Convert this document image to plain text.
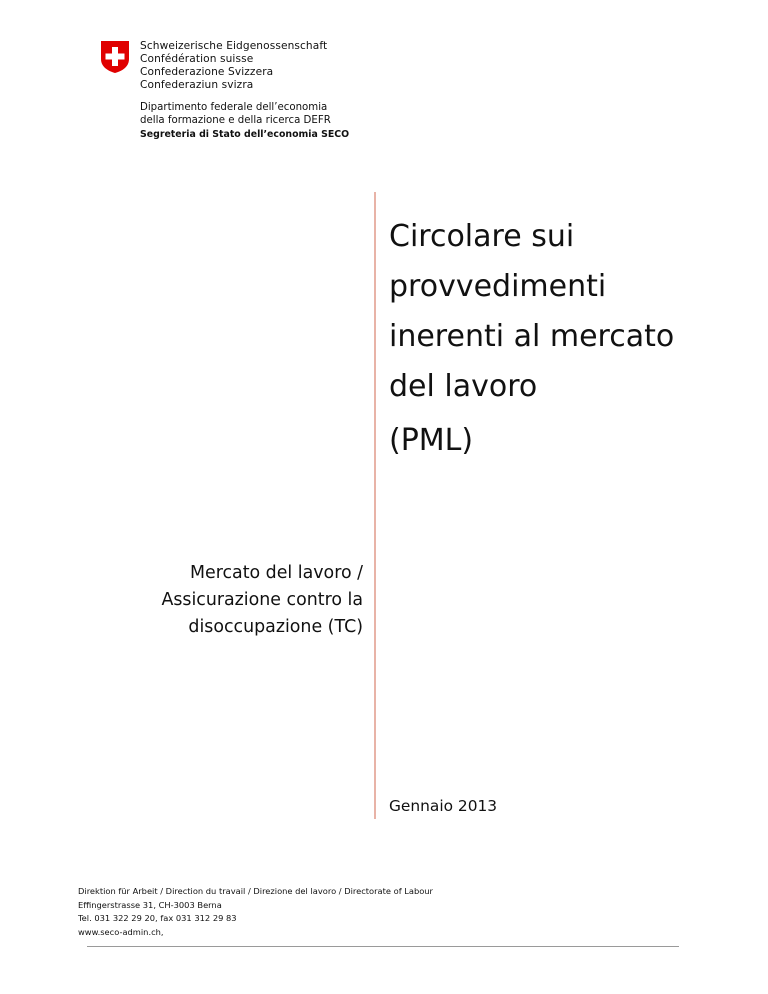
Schweizerische Eidgenossenschaft
Confédération suisse
Confederazione Svizzera
Confederaziun svizra
Dipartimento federale dell’economia
della formazione e della ricerca DEFR
Segreteria di Stato dell’economia SECO
Circolare sui
provvedimenti
inerenti al mercato
del lavoro
(PML)
Mercato del lavoro /
Assicurazione contro la
disoccupazione (TC)
Gennaio 2013
Direktion für Arbeit / Direction du travail / Direzione del lavoro / Directorate of Labour
Effingerstrasse 31, CH-3003 Berna
Tel. 031 322 29 20, fax 031 312 29 83
www.seco-admin.ch,
